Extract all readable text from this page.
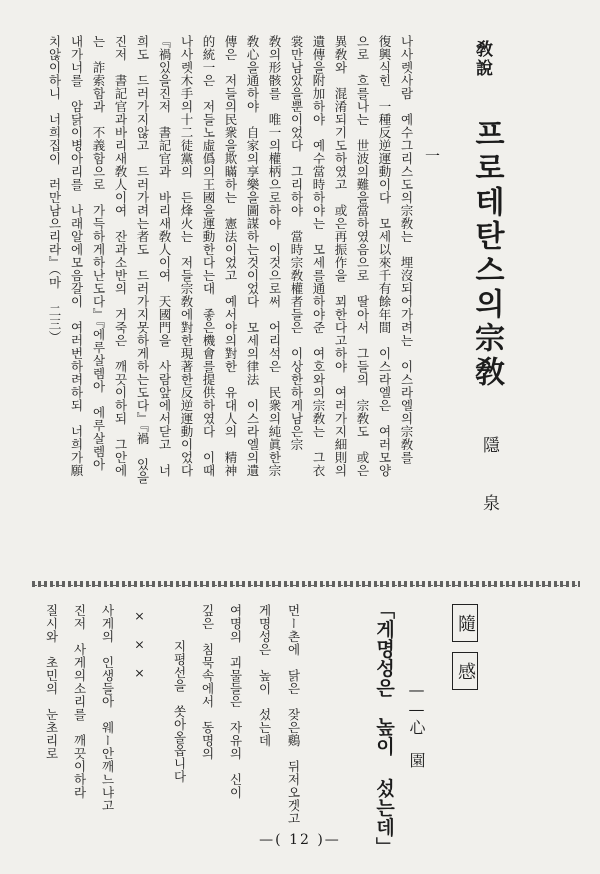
敎說
프로테탄스의宗敎
隱　泉
一
나사렛사람　예수그리스도의宗敎는　埋沒되어가려는　이스라엘의宗敎를
復興식힌　一種反逆運動이다　모세以來千有餘年間　이스라엘은　여러모양
으로　흐를나는　世波의難을當하였음으로　딸아서　그들의　宗敎도　或은
異敎와　混淆되기도하였고　或은再振作을　꾀한다고하야　여러가지細則의
遺傳을附加하야　예수當時하야는　모세를通하야준　여호와의宗敎는　그衣
裳만남았을뿐이었다　그리하야　當時宗敎權者들은　이상한하게남은宗
敎의形骸를　唯一의權柄으로하야　이것으로써　어리석은　民衆의純眞한宗
敎心을通하야　自家의享樂을圖謀하는것이었다　모세의律法　이스라엘의遺
傳은　저들의民衆을欺瞞하는　憲法이었고　예서야의對한　유대人의　精神
的統一은　저들노虛僞의王國을運動한다는대　좋은機會를提供하였다　이때
나사렛木手의十二徒黨의　든烽火는　저들宗敎에對한現著한反逆運動이었다
『禍있을진저　書記官과　바리새敎人이여　天國門을　사람앞에서닫고　너
희도　드러가지않고　드러가려는者도　드러가지못하게하는도다』『禍　있을
진저　書記官과바리새敎人이여　잔과소반의　거죽은　깨끗이하되　그안에
는　詐索함과　不義함으로　가득하게하난도다』『에루살렘아　에루살렘아
내가너를　암닭이병아리를　나래알에모음갈이　여러번하려하되　너희가願
치않이하니　너희집이　러만남으리라』（마 二三）
隨
感
「게명성은　높이 섰는데」 ——心　園
먼ー촌에　닭은　잦은鷄　뒤저오겟고
게명성은　높이　섰는데
여명의　괴물들은　자유의　신이
깊은　침묵속에서　동명의
지평선을　쏫아올옵니다
×　×　×
사게의　인생들아　웨ー안깨느냐고
진저　사게의소리를　깨끗이하라
질시와　초민의　눈초리로
—( 12 )—
